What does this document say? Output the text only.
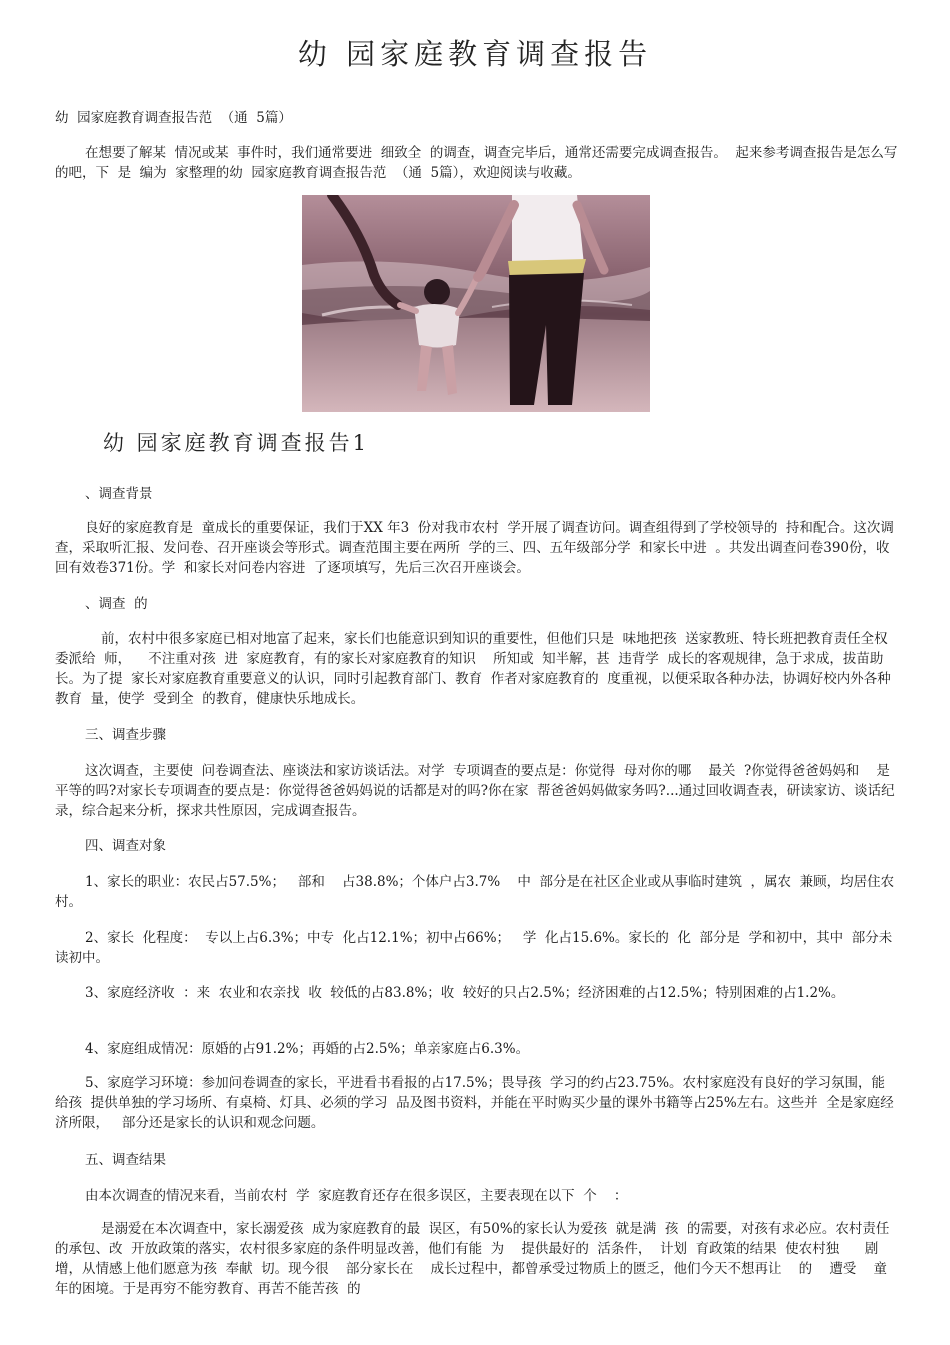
幼 园家庭教育调查报告

幼  园家庭教育调查报告范  （通  5篇）

在想要了解某  情况或某  事件时，我们通常要进  细致全  的调查，调查完毕后，通常还需要完成调查报告。  起来参考调查报告是怎么写的吧，下  是  编为  家整理的幼  园家庭教育调查报告范  （通  5篇），欢迎阅读与收藏。

幼 园家庭教育调查报告1

、调查背景

良好的家庭教育是  童成长的重要保证，我们于XX 年3  份对我市农村  学开展了调查访问。调查组得到了学校领导的  持和配合。这次调查，采取听汇报、发问卷、召开座谈会等形式。调查范围主要在两所  学的三、四、五年级部分学  和家长中进  。共发出调查问卷390份，收回有效卷371份。学  和家长对问卷内容进  了逐项填写，先后三次召开座谈会。

、调查  的

前，农村中很多家庭已相对地富了起来，家长们也能意识到知识的重要性，但他们只是  味地把孩  送家教班、特长班把教育责任全权委派给  师，    不注重对孩  进  家庭教育，有的家长对家庭教育的知识    所知或  知半解，甚  违背学  成长的客观规律，急于求成，拔苗助长。为了提  家长对家庭教育重要意义的认识，同时引起教育部门、教育  作者对家庭教育的  度重视，以便采取各种办法，协调好校内外各种教育  量，使学  受到全  的教育，健康快乐地成长。

三、调查步骤

这次调查，主要使  问卷调查法、座谈法和家访谈话法。对学  专项调查的要点是：你觉得  母对你的哪    最关  ?你觉得爸爸妈妈和    是平等的吗?对家长专项调查的要点是：你觉得爸爸妈妈说的话都是对的吗?你在家  帮爸爸妈妈做家务吗?...通过回收调查表，研读家访、谈话纪录，综合起来分析，探求共性原因，完成调查报告。

四、调查对象

1、家长的职业：农民占57.5%；   部和    占38.8%；个体户占3.7%    中  部分是在社区企业或从事临时建筑  ，属农  兼顾，均居住农村。

2、家长  化程度：  专以上占6.3%；中专  化占12.1%；初中占66%；   学  化占15.6%。家长的  化  部分是  学和初中，其中  部分未读初中。

3、家庭经济收  ：来  农业和农亲找  收  较低的占83.8%；收  较好的只占2.5%；经济困难的占12.5%；特别困难的占1.2%。

4、家庭组成情况：原婚的占91.2%；再婚的占2.5%；单亲家庭占6.3%。

5、家庭学习环境：参加问卷调查的家长，平进看书看报的占17.5%；畏导孩  学习的约占23.75%。农村家庭没有良好的学习氛围，能给孩  提供单独的学习场所、有桌椅、灯具、必须的学习  品及图书资料，并能在平时购买少量的课外书籍等占25%左右。这些并  全是家庭经济所限，   部分还是家长的认识和观念问题。

五、调查结果

由本次调查的情况来看，当前农村  学  家庭教育还存在很多误区，主要表现在以下  个    ：

是溺爱在本次调查中，家长溺爱孩  成为家庭教育的最  误区，有50%的家长认为爱孩  就是满  孩  的需要，对孩有求必应。农村责任  的承包、改  开放政策的落实，农村很多家庭的条件明显改善，他们有能  为    提供最好的  活条件，  计划  育政策的结果  使农村独      剧增，从情感上他们愿意为孩  奉献  切。现今很    部分家长在    成长过程中，都曾承受过物质上的匮乏，他们今天不想再让    的    遭受    童年的困境。于是再穷不能穷教育、再苦不能苦孩  的
